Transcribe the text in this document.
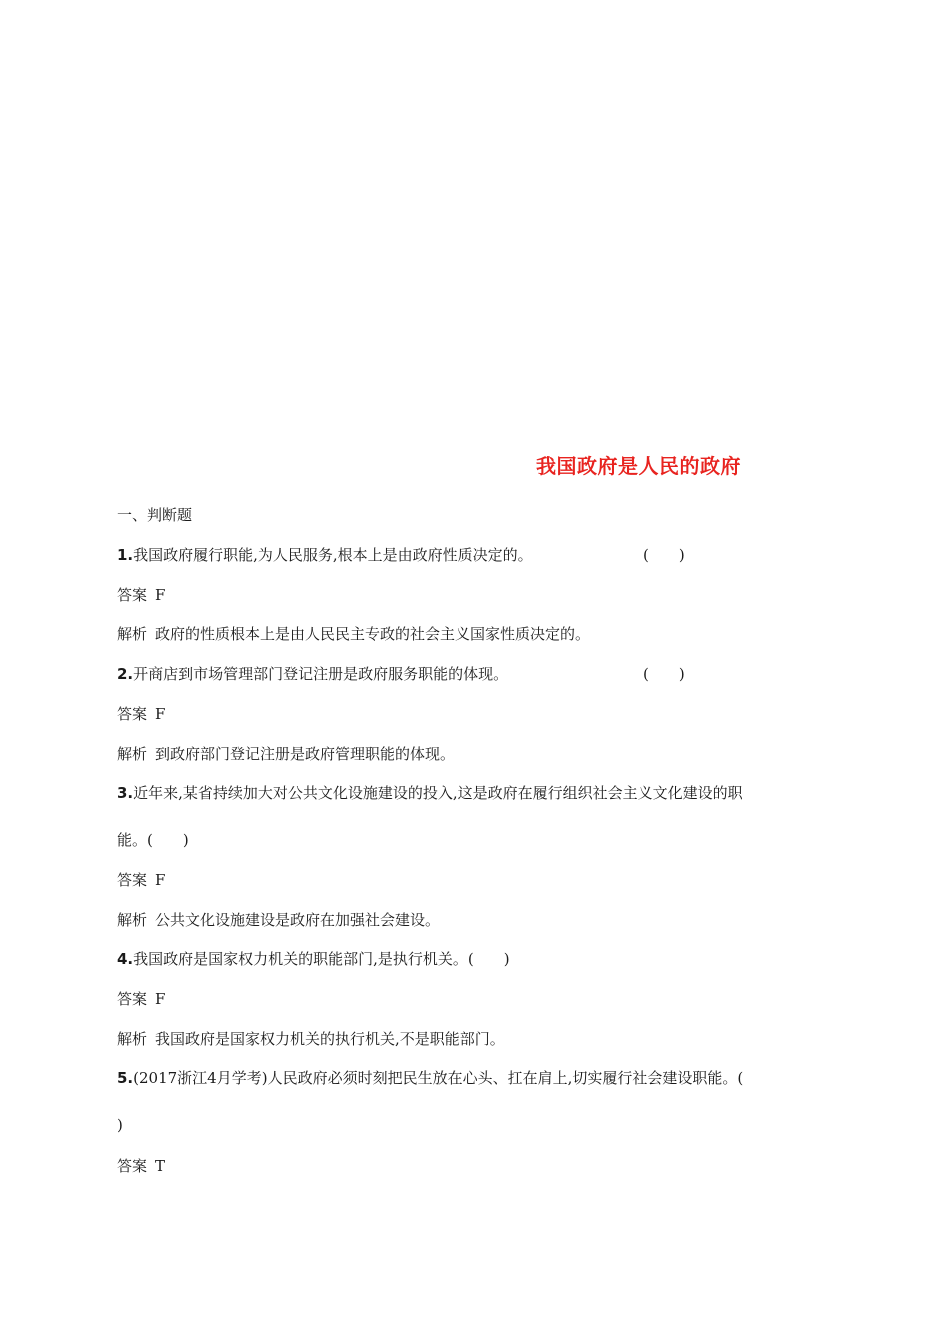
我国政府是人民的政府
一、判断题
1.我国政府履行职能,为人民服务,根本上是由政府性质决定的。	(　　)
答案 F
解析 政府的性质根本上是由人民民主专政的社会主义国家性质决定的。
2.开商店到市场管理部门登记注册是政府服务职能的体现。	(　　)
答案 F
解析 到政府部门登记注册是政府管理职能的体现。
3.近年来,某省持续加大对公共文化设施建设的投入,这是政府在履行组织社会主义文化建设的职
能。(　　)
答案 F
解析 公共文化设施建设是政府在加强社会建设。
4.我国政府是国家权力机关的职能部门,是执行机关。(　　)
答案 F
解析 我国政府是国家权力机关的执行机关,不是职能部门。
5.(2017浙江4月学考)人民政府必须时刻把民生放在心头、扛在肩上,切实履行社会建设职能。(
)
答案 T
